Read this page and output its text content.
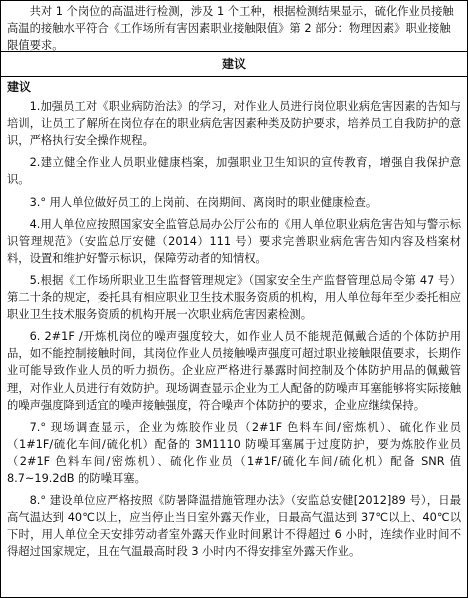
共对 1 个岗位的高温进行检测，涉及 1 个工种，根据检测结果显示，硫化作业员接触高温的接触水平符合《工作场所有害因素职业接触限值》第 2 部分：物理因素》职业接触限值要求。
建议
建议

1.加强员工对《职业病防治法》的学习，对作业人员进行岗位职业病危害因素的告知与培训，让员工了解所在岗位存在的职业病危害因素种类及防护要求，培养员工自我防护的意识，严格执行安全操作规程。

2.建立健全作业人员职业健康档案，加强职业卫生知识的宣传教育，增强自我保护意识。

3.° 用人单位做好员工的上岗前、在岗期间、离岗时的职业健康检查。

4.用人单位应按照国家安全监管总局办公厅公布的《用人单位职业病危害告知与警示标识管理规范》（安监总厅安健（2014）111 号）要求完善职业病危害告知内容及档案材料，设置和维护好警示标识，保障劳动者的知情权。

5.根据《工作场所职业卫生监督管理规定》（国家安全生产监督管理总局令第 47 号）第二十条的规定，委托具有相应职业卫生技术服务资质的机构，用人单位每年至少委托相应职业卫生技术服务资质的机构开展一次职业病危害因素检测。

6. 2#1F /开炼机岗位的噪声强度较大，如作业人员不能规范佩戴合适的个体防护用品，如不能控制接触时间，其岗位作业人员接触噪声强度可超过职业接触限值要求，长期作业可能导致作业人员的听力损伤。企业应严格进行暴露时间控制及个体防护用品的佩戴管理，对作业人员进行有效防护。现场调查显示企业为工人配备的防噪声耳塞能够将实际接触的噪声强度降到适宜的噪声接触强度，符合噪声个体防护的要求，企业应继续保持。

7.° 现场调查显示，企业为炼胶作业员（2#1F 色料车间/密炼机）、硫化作业员（1#1F/硫化车间/硫化机）配备的 3M1110 防噪耳塞属于过度防护，要为炼胶作业员（2#1F 色料车间/密炼机）、硫化作业员（1#1F/硫化车间/硫化机）配备 SNR 值 8.7~19.2dB 的防噪耳塞。

8.° 建设单位应严格按照《防暑降温措施管理办法》（安监总安健[2012]89 号），日最高气温达到 40℃以上，应当停止当日室外露天作业，日最高气温达到 37℃以上、40℃以下时，用人单位全天安排劳动者室外露天作业时间累计不得超过 6 小时，连续作业时间不得超过国家规定，且在气温最高时段 3 小时内不得安排室外露天作业。
